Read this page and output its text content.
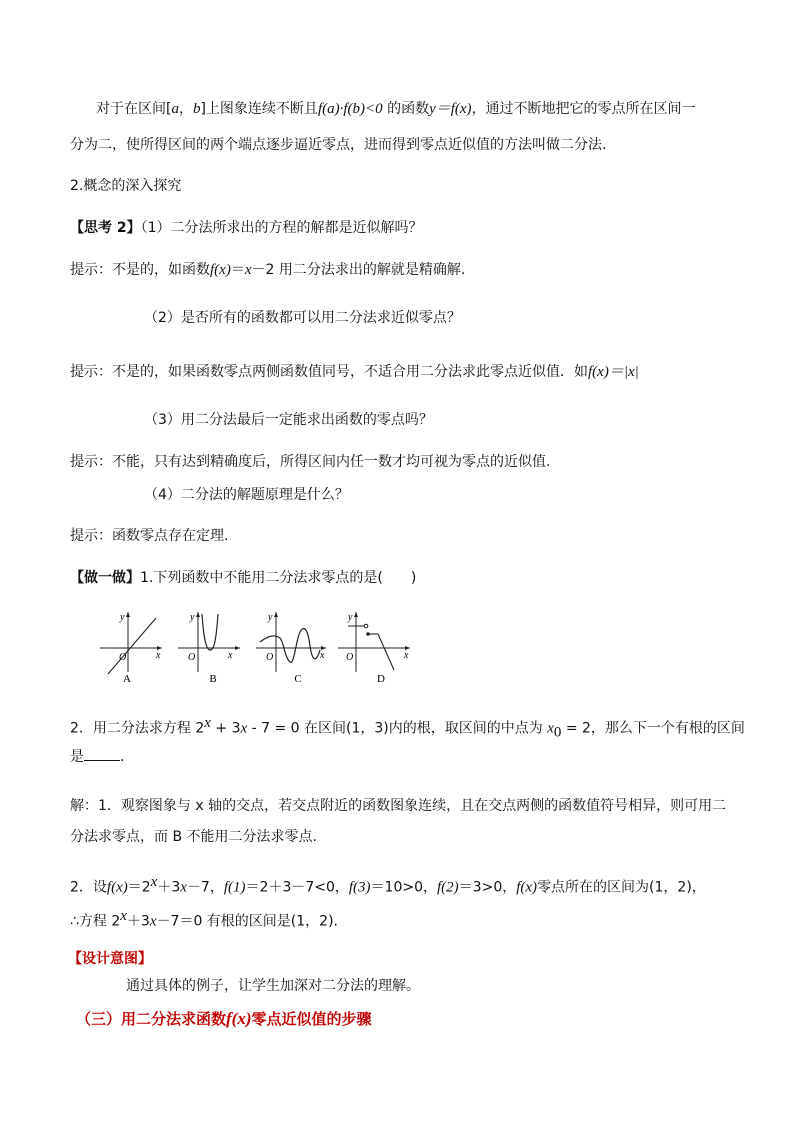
对于在区间[a，b]上图象连续不断且f(a)·f(b)<0 的函数y＝f(x)，通过不断地把它的零点所在区间一
分为二，使所得区间的两个端点逐步逼近零点，进而得到零点近似值的方法叫做二分法.
2.概念的深入探究
【思考 2】（1）二分法所求出的方程的解都是近似解吗？
提示：不是的，如函数f(x)＝x－2 用二分法求出的解就是精确解.
（2）是否所有的函数都可以用二分法求近似零点？
提示：不是的，如果函数零点两侧函数值同号，不适合用二分法求此零点近似值．如f(x)＝|x|
（3）用二分法最后一定能求出函数的零点吗？
提示：不能，只有达到精确度后，所得区间内任一数才均可视为零点的近似值.
（4）二分法的解题原理是什么？
提示：函数零点存在定理.
【做一做】1.下列函数中不能用二分法求零点的是(　　)
y
O	x
y
O	x
y
O	x
y
O	x
A	B	C	D
2．用二分法求方程 $2^x + 3x - 7 = 0$ 在区间(1，3)内的根，取区间的中点为 $x_0 = 2$，那么下一个有根的区间
是	.
解：1．观察图象与 x 轴的交点，若交点附近的函数图象连续，且在交点两侧的函数值符号相异，则可用二
分法求零点，而 B 不能用二分法求零点.
2．设$f(x)=2^x+3x-7$，f(1)＝2＋3－7<0，f(3)＝10>0，f(2)＝3>0，f(x)零点所在的区间为(1，2)，
∴方程 $2^x+3x-7=0$ 有根的区间是(1，2).
【设计意图】
通过具体的例子，让学生加深对二分法的理解。
（三）用二分法求函数f(x)零点近似值的步骤
